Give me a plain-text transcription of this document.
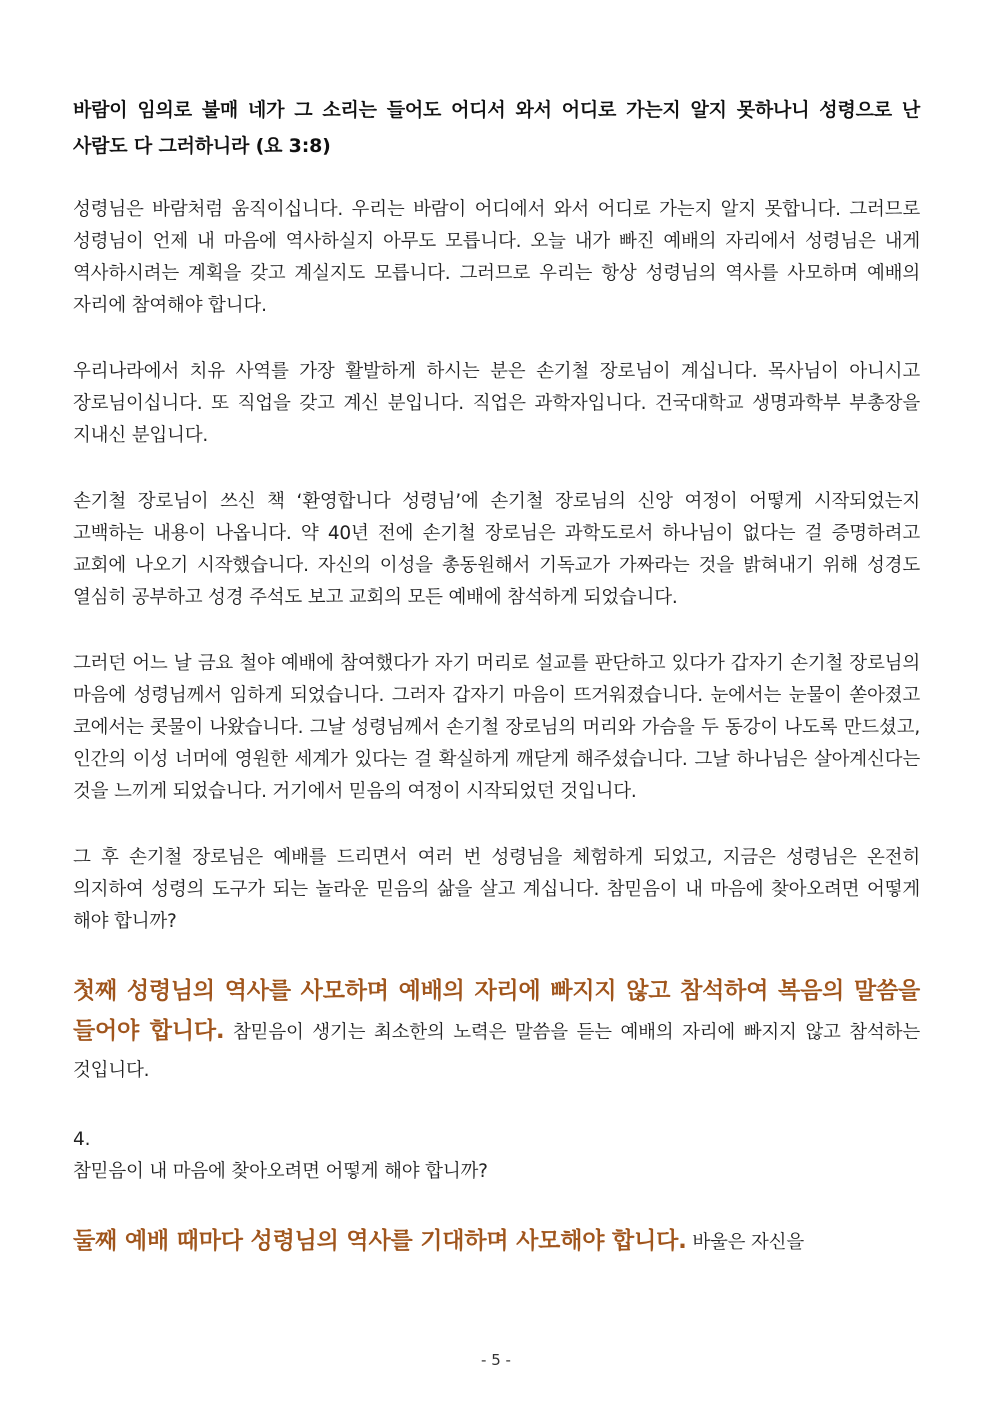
바람이 임의로 불매 네가 그 소리는 들어도 어디서 와서 어디로 가는지 알지 못하나니 성령으로 난 사람도 다 그러하니라 (요 3:8)

성령님은 바람처럼 움직이십니다. 우리는 바람이 어디에서 와서 어디로 가는지 알지 못합니다. 그러므로 성령님이 언제 내 마음에 역사하실지 아무도 모릅니다. 오늘 내가 빠진 예배의 자리에서 성령님은 내게 역사하시려는 계획을 갖고 계실지도 모릅니다. 그러므로 우리는 항상 성령님의 역사를 사모하며 예배의 자리에 참여해야 합니다.

우리나라에서 치유 사역를 가장 활발하게 하시는 분은 손기철 장로님이 계십니다. 목사님이 아니시고 장로님이십니다. 또 직업을 갖고 계신 분입니다. 직업은 과학자입니다. 건국대학교 생명과학부 부총장을 지내신 분입니다.

손기철 장로님이 쓰신 책 ‘환영합니다 성령님’에 손기철 장로님의 신앙 여정이 어떻게 시작되었는지 고백하는 내용이 나옵니다. 약 40년 전에 손기철 장로님은 과학도로서 하나님이 없다는 걸 증명하려고 교회에 나오기 시작했습니다. 자신의 이성을 총동원해서 기독교가 가짜라는 것을 밝혀내기 위해 성경도 열심히 공부하고 성경 주석도 보고 교회의 모든 예배에 참석하게 되었습니다.

그러던 어느 날 금요 철야 예배에 참여했다가 자기 머리로 설교를 판단하고 있다가 갑자기 손기철 장로님의 마음에 성령님께서 임하게 되었습니다. 그러자 갑자기 마음이 뜨거워졌습니다. 눈에서는 눈물이 쏟아졌고 코에서는 콧물이 나왔습니다. 그날 성령님께서 손기철 장로님의 머리와 가슴을 두 동강이 나도록 만드셨고, 인간의 이성 너머에 영원한 세계가 있다는 걸 확실하게 깨닫게 해주셨습니다. 그날 하나님은 살아계신다는 것을 느끼게 되었습니다. 거기에서 믿음의 여정이 시작되었던 것입니다.

그 후 손기철 장로님은 예배를 드리면서 여러 번 성령님을 체험하게 되었고, 지금은 성령님은 온전히 의지하여 성령의 도구가 되는 놀라운 믿음의 삶을 살고 계십니다. 참믿음이 내 마음에 찾아오려면 어떻게 해야 합니까?

첫째 성령님의 역사를 사모하며 예배의 자리에 빠지지 않고 참석하여 복음의 말씀을 들어야 합니다. 참믿음이 생기는 최소한의 노력은 말씀을 듣는 예배의 자리에 빠지지 않고 참석하는 것입니다.

4.

참믿음이 내 마음에 찾아오려면 어떻게 해야 합니까?

둘째 예배 때마다 성령님의 역사를 기대하며 사모해야 합니다. 바울은 자신을

- 5 -
